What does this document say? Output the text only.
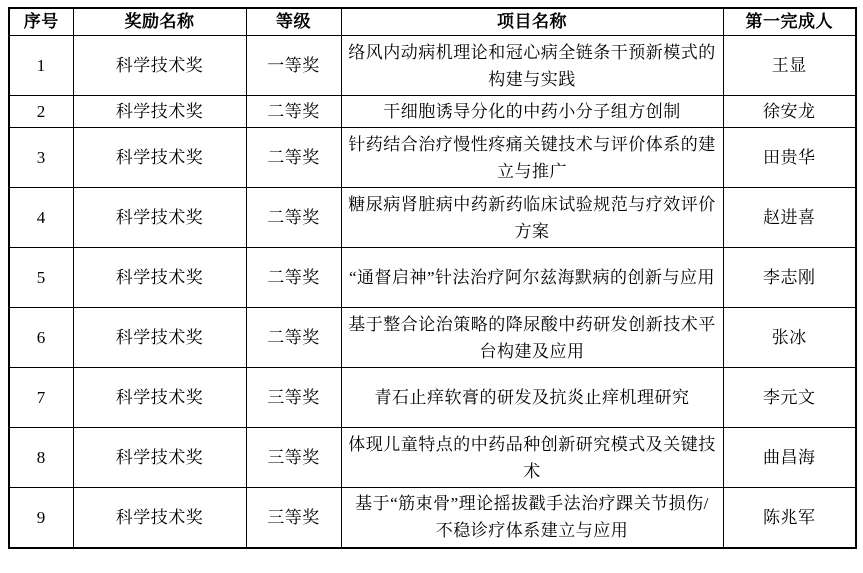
序号	奖励名称	等级	项目名称	第一完成人
1	科学技术奖	一等奖	络风内动病机理论和冠心病全链条干预新模式的构建与实践	王显
2	科学技术奖	二等奖	干细胞诱导分化的中药小分子组方创制	徐安龙
3	科学技术奖	二等奖	针药结合治疗慢性疼痛关键技术与评价体系的建立与推广	田贵华
4	科学技术奖	二等奖	糖尿病肾脏病中药新药临床试验规范与疗效评价方案	赵进喜
5	科学技术奖	二等奖	“通督启神”针法治疗阿尔兹海默病的创新与应用	李志刚
6	科学技术奖	二等奖	基于整合论治策略的降尿酸中药研发创新技术平台构建及应用	张冰
7	科学技术奖	三等奖	青石止痒软膏的研发及抗炎止痒机理研究	李元文
8	科学技术奖	三等奖	体现儿童特点的中药品种创新研究模式及关键技术	曲昌海
9	科学技术奖	三等奖	基于“筋束骨”理论摇拔戳手法治疗踝关节损伤/不稳诊疗体系建立与应用	陈兆军
